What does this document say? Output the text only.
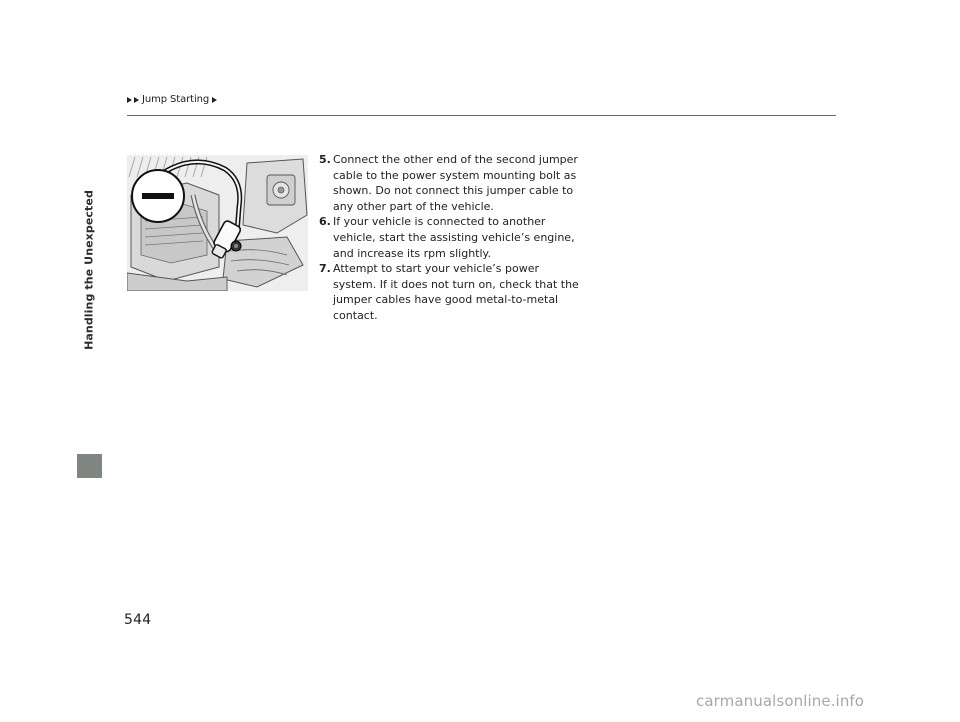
Jump Starting
Handling the Unexpected
5. Connect the other end of the second jumper cable to the power system mounting bolt as shown. Do not connect this jumper cable to any other part of the vehicle.
6. If your vehicle is connected to another vehicle, start the assisting vehicle’s engine, and increase its rpm slightly.
7. Attempt to start your vehicle’s power system. If it does not turn on, check that the jumper cables have good metal-to-metal contact.
544
carmanualsonline.info
